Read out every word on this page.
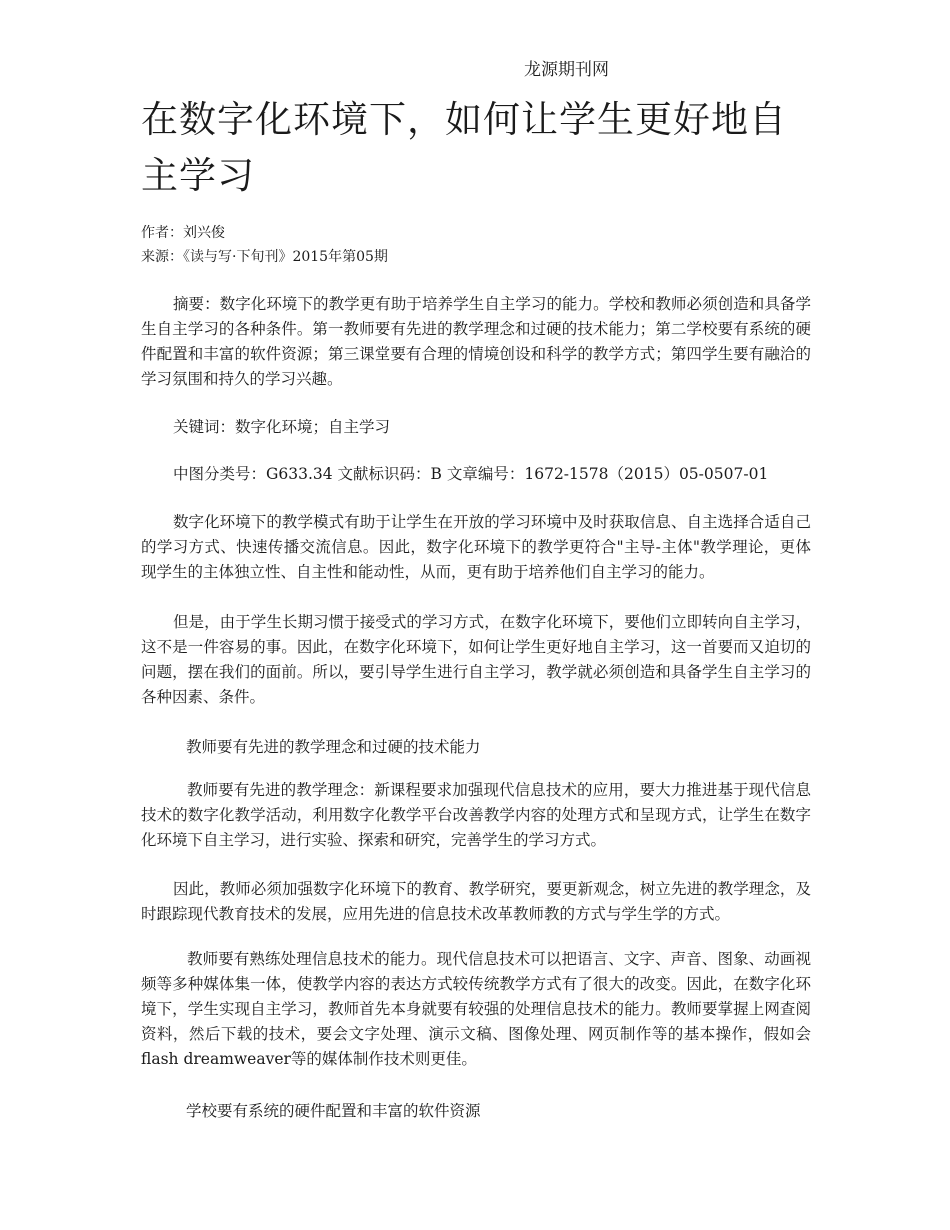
龙源期刊网
在数字化环境下，如何让学生更好地自主学习
作者：刘兴俊
来源：《读与写·下旬刊》2015年第05期

摘要：数字化环境下的教学更有助于培养学生自主学习的能力。学校和教师必须创造和具备学生自主学习的各种条件。第一教师要有先进的教学理念和过硬的技术能力；第二学校要有系统的硬件配置和丰富的软件资源；第三课堂要有合理的情境创设和科学的教学方式；第四学生要有融洽的学习氛围和持久的学习兴趣。

关键词：数字化环境；自主学习

中图分类号：G633.34 文献标识码：B 文章编号：1672-1578（2015）05-0507-01

数字化环境下的教学模式有助于让学生在开放的学习环境中及时获取信息、自主选择合适自己的学习方式、快速传播交流信息。因此，数字化环境下的教学更符合"主导-主体"教学理论，更体现学生的主体独立性、自主性和能动性，从而，更有助于培养他们自主学习的能力。

但是，由于学生长期习惯于接受式的学习方式，在数字化环境下，要他们立即转向自主学习，这不是一件容易的事。因此，在数字化环境下，如何让学生更好地自主学习，这一首要而又迫切的问题，摆在我们的面前。所以，要引导学生进行自主学习，教学就必须创造和具备学生自主学习的各种因素、条件。

教师要有先进的教学理念和过硬的技术能力

教师要有先进的教学理念：新课程要求加强现代信息技术的应用，要大力推进基于现代信息技术的数字化教学活动，利用数字化教学平台改善教学内容的处理方式和呈现方式，让学生在数字化环境下自主学习，进行实验、探索和研究，完善学生的学习方式。

因此，教师必须加强数字化环境下的教育、教学研究，要更新观念，树立先进的教学理念，及时跟踪现代教育技术的发展，应用先进的信息技术改革教师教的方式与学生学的方式。

教师要有熟练处理信息技术的能力。现代信息技术可以把语言、文字、声音、图象、动画视频等多种媒体集一体，使教学内容的表达方式较传统教学方式有了很大的改变。因此，在数字化环境下，学生实现自主学习，教师首先本身就要有较强的处理信息技术的能力。教师要掌握上网查阅资料，然后下载的技术，要会文字处理、演示文稿、图像处理、网页制作等的基本操作，假如会flash dreamweaver等的媒体制作技术则更佳。

学校要有系统的硬件配置和丰富的软件资源
